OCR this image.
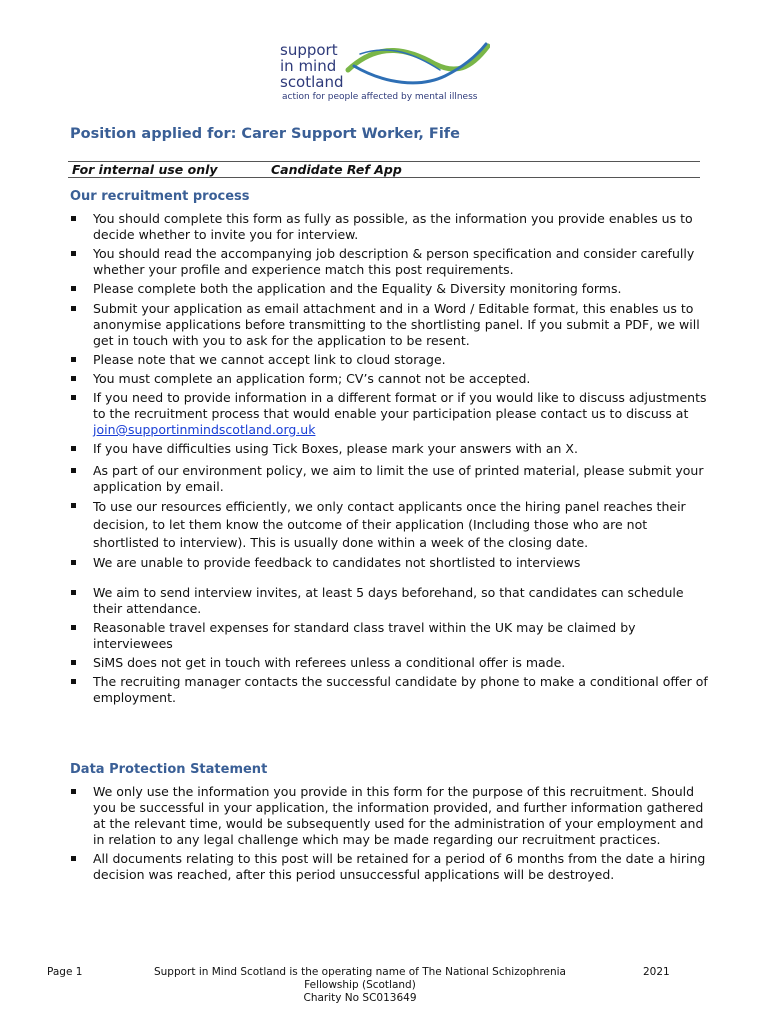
support
in mind
scotland
action for people affected by mental illness
Position applied for: Carer Support Worker, Fife
For internal use only	Candidate Ref App
Our recruitment process
You should complete this form as fully as possible, as the information you provide enables us to decide whether to invite you for interview.
You should read the accompanying job description & person specification and consider carefully whether your profile and experience match this post requirements.
Please complete both the application and the Equality & Diversity monitoring forms.
Submit your application as email attachment and in a Word / Editable format, this enables us to anonymise applications before transmitting to the shortlisting panel. If you submit a PDF, we will get in touch with you to ask for the application to be resent.
Please note that we cannot accept link to cloud storage.
You must complete an application form; CV’s cannot not be accepted.
If you need to provide information in a different format or if you would like to discuss adjustments to the recruitment process that would enable your participation please contact us to discuss at join@supportinmindscotland.org.uk
If you have difficulties using Tick Boxes, please mark your answers with an X.
As part of our environment policy, we aim to limit the use of printed material, please submit your application by email.
To use our resources efficiently, we only contact applicants once the hiring panel reaches their decision, to let them know the outcome of their application (Including those who are not shortlisted to interview). This is usually done within a week of the closing date.
We are unable to provide feedback to candidates not shortlisted to interviews
We aim to send interview invites, at least 5 days beforehand, so that candidates can schedule their attendance.
Reasonable travel expenses for standard class travel within the UK may be claimed by interviewees
SiMS does not get in touch with referees unless a conditional offer is made.
The recruiting manager contacts the successful candidate by phone to make a conditional offer of employment.
Data Protection Statement
We only use the information you provide in this form for the purpose of this recruitment. Should you be successful in your application, the information provided, and further information gathered at the relevant time, would be subsequently used for the administration of your employment and in relation to any legal challenge which may be made regarding our recruitment practices.
All documents relating to this post will be retained for a period of 6 months from the date a hiring decision was reached, after this period unsuccessful applications will be destroyed.
Page 1	Support in Mind Scotland is the operating name of The National Schizophrenia
Fellowship (Scotland)
Charity No SC013649
2021
